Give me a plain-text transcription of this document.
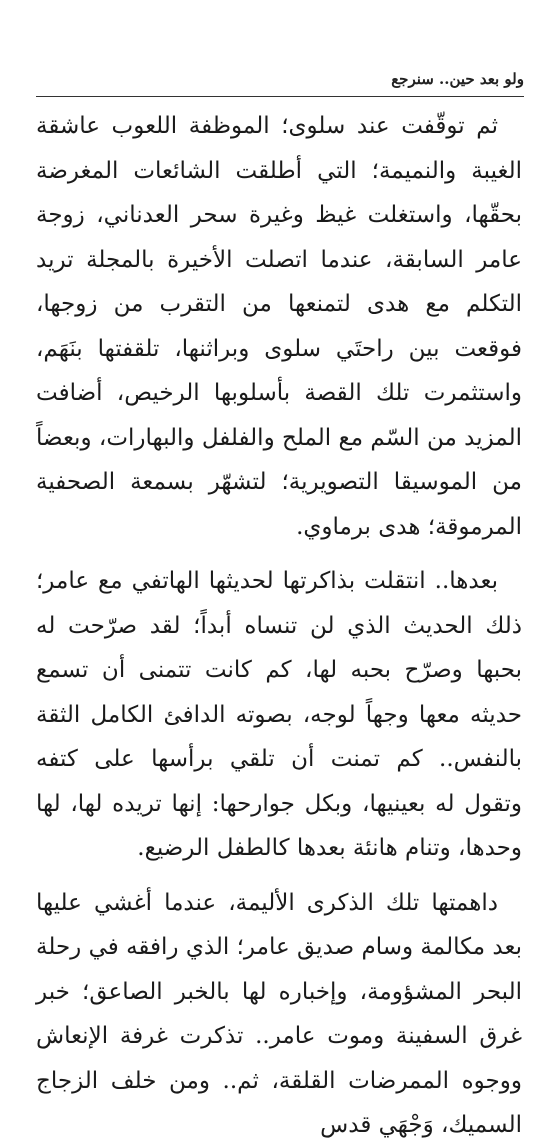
ولو بعد حين.. سنرجع

ثم توقّفت عند سلوى؛ الموظفة اللعوب عاشقة الغيبة والنميمة؛ التي أطلقت الشائعات المغرضة بحقّها، واستغلت غيظ وغيرة سحر العدناني، زوجة عامر السابقة، عندما اتصلت الأخيرة بالمجلة تريد التكلم مع هدى لتمنعها من التقرب من زوجها، فوقعت بين راحتَي سلوى وبراثنها، تلقفتها بنَهَم، واستثمرت تلك القصة بأسلوبها الرخيص، أضافت المزيد من السّم مع الملح والفلفل والبهارات، وبعضاً من الموسيقا التصويرية؛ لتشهّر بسمعة الصحفية المرموقة؛ هدى برماوي.

بعدها.. انتقلت بذاكرتها لحديثها الهاتفي مع عامر؛ ذلك الحديث الذي لن تنساه أبداً؛ لقد صرّحت له بحبها وصرّح بحبه لها، كم كانت تتمنى أن تسمع حديثه معها وجهاً لوجه، بصوته الدافئ الكامل الثقة بالنفس.. كم تمنت أن تلقي برأسها على كتفه وتقول له بعينيها، وبكل جوارحها: إنها تريده لها، لها وحدها، وتنام هانئة بعدها كالطفل الرضيع.

داهمتها تلك الذكرى الأليمة، عندما أغشي عليها بعد مكالمة وسام صديق عامر؛ الذي رافقه في رحلة البحر المشؤومة، وإخباره لها بالخبر الصاعق؛ خبر غرق السفينة وموت عامر.. تذكرت غرفة الإنعاش ووجوه الممرضات القلقة، ثم.. ومن خلف الزجاج السميك، وَجْهَي قدس
